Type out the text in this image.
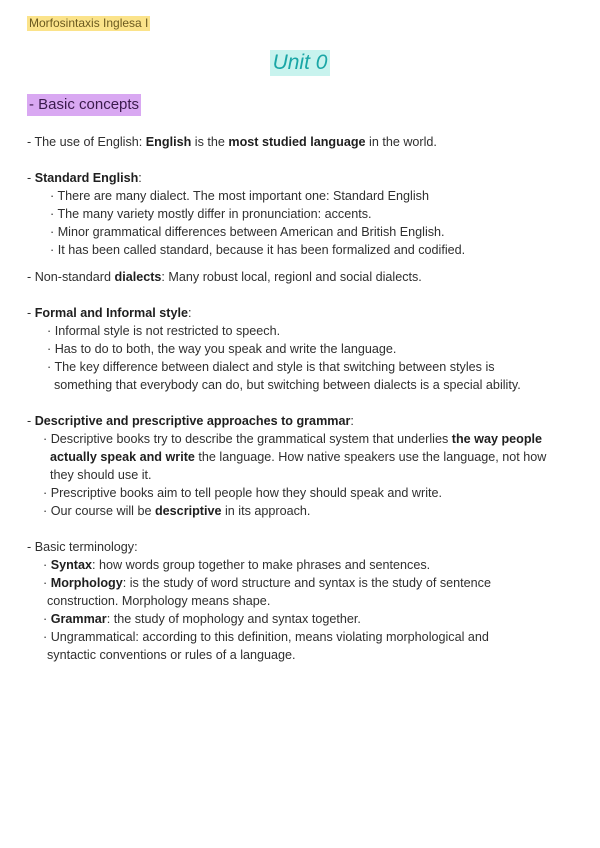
Morfosintaxis Inglesa I
Unit 0
- Basic concepts
- The use of English: English is the most studied language in the world.
- Standard English:
· There are many dialect. The most important one: Standard English
· The many variety mostly differ in pronunciation: accents.
· Minor grammatical differences between American and British English.
· It has been called standard, because it has been formalized and codified.
- Non-standard dialects: Many robust local, regionl and social dialects.
- Formal and Informal style:
· Informal style is not restricted to speech.
· Has to do to both, the way you speak and write the language.
· The key difference between dialect and style is that switching between styles is
something that everybody can do, but switching between dialects is a special ability.
- Descriptive and prescriptive approaches to grammar:
· Descriptive books try to describe the grammatical system that underlies the way people
actually speak and write the language. How native speakers use the language, not how
they should use it.
· Prescriptive books aim to tell people how they should speak and write.
· Our course will be descriptive in its approach.
- Basic terminology:
· Syntax: how words group together to make phrases and sentences.
· Morphology: is the study of word structure and syntax is the study of sentence
construction. Morphology means shape.
· Grammar: the study of mophology and syntax together.
· Ungrammatical: according to this definition, means violating morphological and
syntactic conventions or rules of a language.
